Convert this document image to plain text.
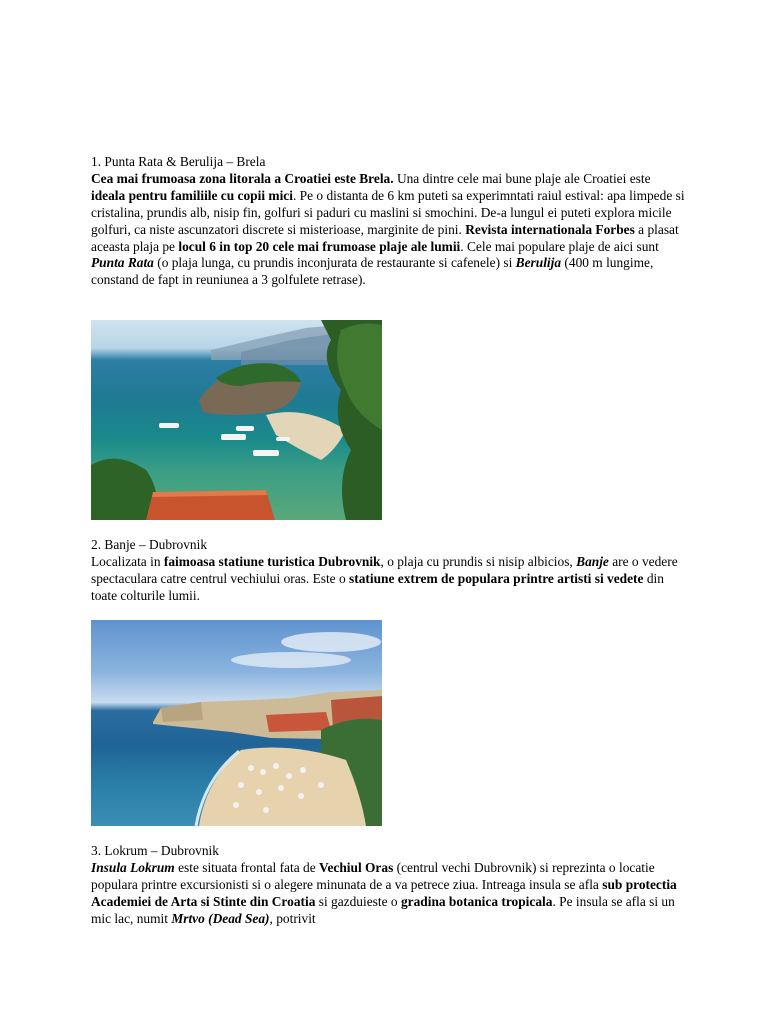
1. Punta Rata & Berulija – Brela

Cea mai frumoasa zona litorala a Croatiei este Brela. Una dintre cele mai bune plaje ale Croatiei este ideala pentru familiile cu copii mici. Pe o distanta de 6 km puteti sa experimntati raiul estival: apa limpede si cristalina, prundis alb, nisip fin, golfuri si paduri cu maslini si smochini. De-a lungul ei puteti explora micile golfuri, ca niste ascunzatori discrete si misterioase, marginite de pini. Revista internationala Forbes a plasat aceasta plaja pe locul 6 in top 20 cele mai frumoase plaje ale lumii. Cele mai populare plaje de aici sunt Punta Rata (o plaja lunga, cu prundis inconjurata de restaurante si cafenele) si Berulija (400 m lungime, constand de fapt in reuniunea a 3 golfulete retrase).

2. Banje – Dubrovnik

Localizata in faimoasa statiune turistica Dubrovnik, o plaja cu prundis si nisip albicios, Banje are o vedere spectaculara catre centrul vechiului oras. Este o statiune extrem de populara printre artisti si vedete din toate colturile lumii.

3. Lokrum – Dubrovnik

Insula Lokrum este situata frontal fata de Vechiul Oras (centrul vechi Dubrovnik) si reprezinta o locatie populara printre excursionisti si o alegere minunata de a va petrece ziua. Intreaga insula se afla sub protectia Academiei de Arta si Stinte din Croatia si gazduieste o gradina botanica tropicala. Pe insula se afla si un mic lac, numit Mrtvo (Dead Sea), potrivit
